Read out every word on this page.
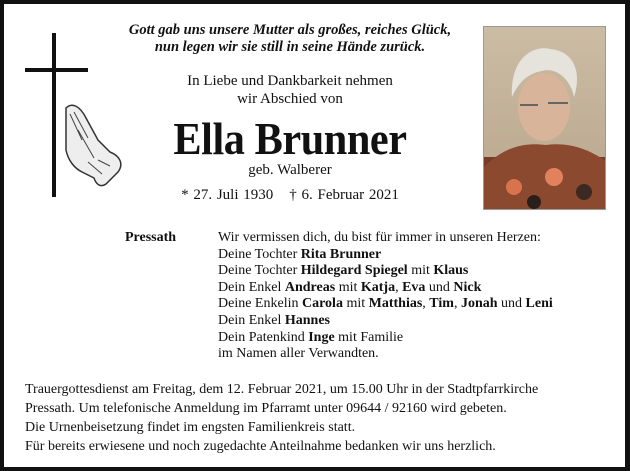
Gott gab uns unsere Mutter als großes, reiches Glück,
nun legen wir sie still in seine Hände zurück.
In Liebe und Dankbarkeit nehmen
wir Abschied von
Ella Brunner
geb. Walberer
* 27. Juli 1930 † 6. Februar 2021
Pressath	Wir vermissen dich, du bist für immer in unseren Herzen:
Deine Tochter Rita Brunner
Deine Tochter Hildegard Spiegel mit Klaus
Dein Enkel Andreas mit Katja, Eva und Nick
Deine Enkelin Carola mit Matthias, Tim, Jonah und Leni
Dein Enkel Hannes
Dein Patenkind Inge mit Familie
im Namen aller Verwandten.

Trauergottesdienst am Freitag, dem 12. Februar 2021, um 15.00 Uhr in der Stadtpfarrkirche

Pressath. Um telefonische Anmeldung im Pfarramt unter 09644 / 92160 wird gebeten.

Die Urnenbeisetzung findet im engsten Familienkreis statt.

Für bereits erwiesene und noch zugedachte Anteilnahme bedanken wir uns herzlich.
